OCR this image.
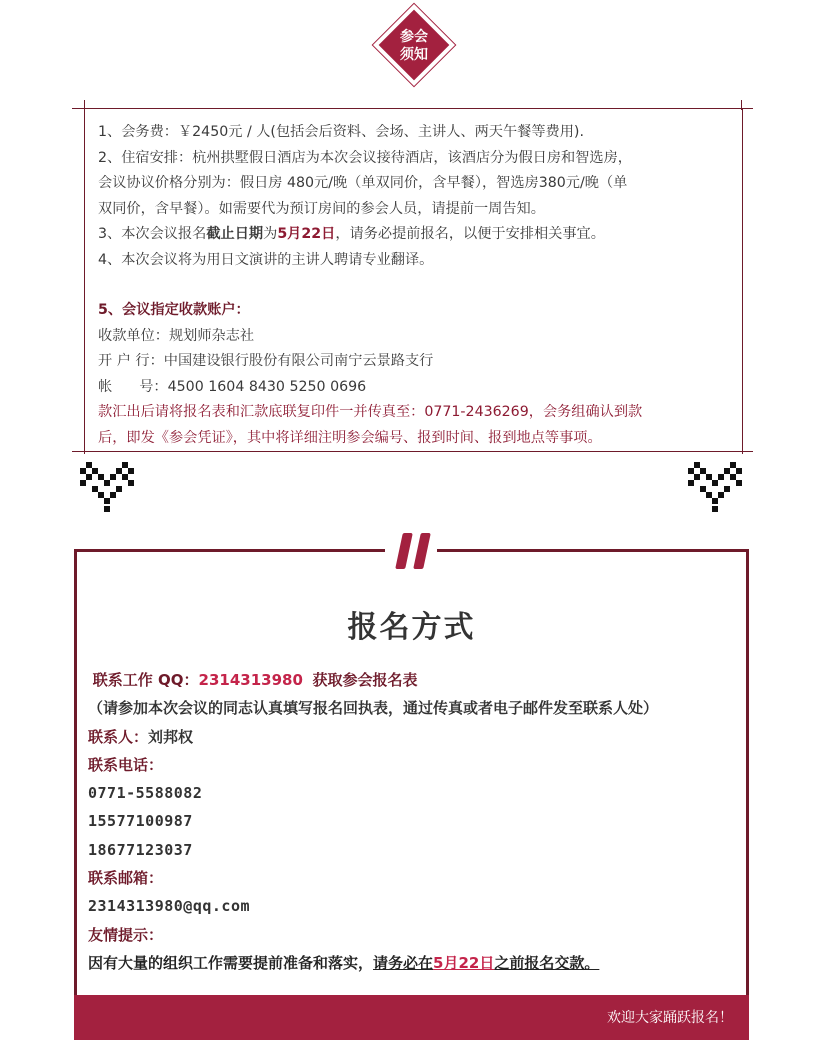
参会
须知

1、会务费：￥2450元 / 人(包括会后资料、会场、主讲人、两天午餐等费用).

2、住宿安排：杭州拱墅假日酒店为本次会议接待酒店，该酒店分为假日房和智选房，

会议协议价格分别为：假日房 480元/晚（单双同价，含早餐），智选房380元/晚（单

双同价，含早餐）。如需要代为预订房间的参会人员，请提前一周告知。

3、本次会议报名截止日期为5月22日，请务必提前报名，以便于安排相关事宜。

4、本次会议将为用日文演讲的主讲人聘请专业翻译。

5、会议指定收款账户：

收款单位：规划师杂志社

开 户 行：中国建设银行股份有限公司南宁云景路支行

帐      号：4500 1604 8430 5250 0696

款汇出后请将报名表和汇款底联复印件一并传真至：0771-2436269，会务组确认到款

后，即发《参会凭证》，其中将详细注明参会编号、报到时间、报到地点等事项。

报名方式

联系工作 QQ：2314313980 获取参会报名表

（请参加本次会议的同志认真填写报名回执表，通过传真或者电子邮件发至联系人处）

联系人：刘邦权

联系电话：

0771-5588082

15577100987

18677123037

联系邮箱：

2314313980@qq.com

友情提示：

因有大量的组织工作需要提前准备和落实，请务必在5月22日之前报名交款。

欢迎大家踊跃报名！
